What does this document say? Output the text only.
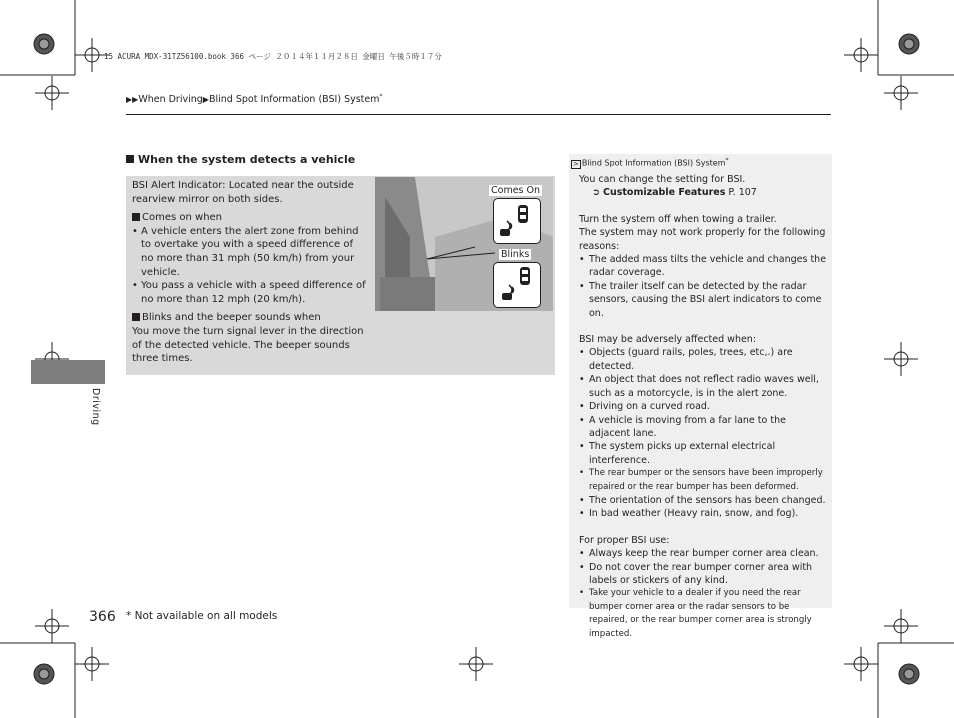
15 ACURA MDX-31TZ56100.book 366 ページ ２０１４年１１月２８日 金曜日 午後５時１７分
▶▶When Driving▶Blind Spot Information (BSI) System*
Driving
When the system detects a vehicle
BSI Alert Indicator: Located near the outside rearview mirror on both sides.
Comes on when
• A vehicle enters the alert zone from behind to overtake you with a speed difference of no more than 31 mph (50 km/h) from your vehicle.
• You pass a vehicle with a speed difference of no more than 12 mph (20 km/h).
Blinks and the beeper sounds when
You move the turn signal lever in the direction of the detected vehicle. The beeper sounds three times.
Comes On
Blinks
> Blind Spot Information (BSI) System*

You can change the setting for BSI.

➲ Customizable Features P. 107

Turn the system off when towing a trailer.

The system may not work properly for the following reasons:

• The added mass tilts the vehicle and changes the radar coverage.
• The trailer itself can be detected by the radar sensors, causing the BSI alert indicators to come on.

BSI may be adversely affected when:

• Objects (guard rails, poles, trees, etc,.) are detected.
• An object that does not reflect radio waves well, such as a motorcycle, is in the alert zone.
• Driving on a curved road.
• A vehicle is moving from a far lane to the adjacent lane.
• The system picks up external electrical interference.
• The rear bumper or the sensors have been improperly repaired or the rear bumper has been deformed.
• The orientation of the sensors has been changed.
• In bad weather (Heavy rain, snow, and fog).

For proper BSI use:

• Always keep the rear bumper corner area clean.
• Do not cover the rear bumper corner area with labels or stickers of any kind.
• Take your vehicle to a dealer if you need the rear bumper corner area or the radar sensors to be repaired, or the rear bumper corner area is strongly impacted.
366 * Not available on all models
